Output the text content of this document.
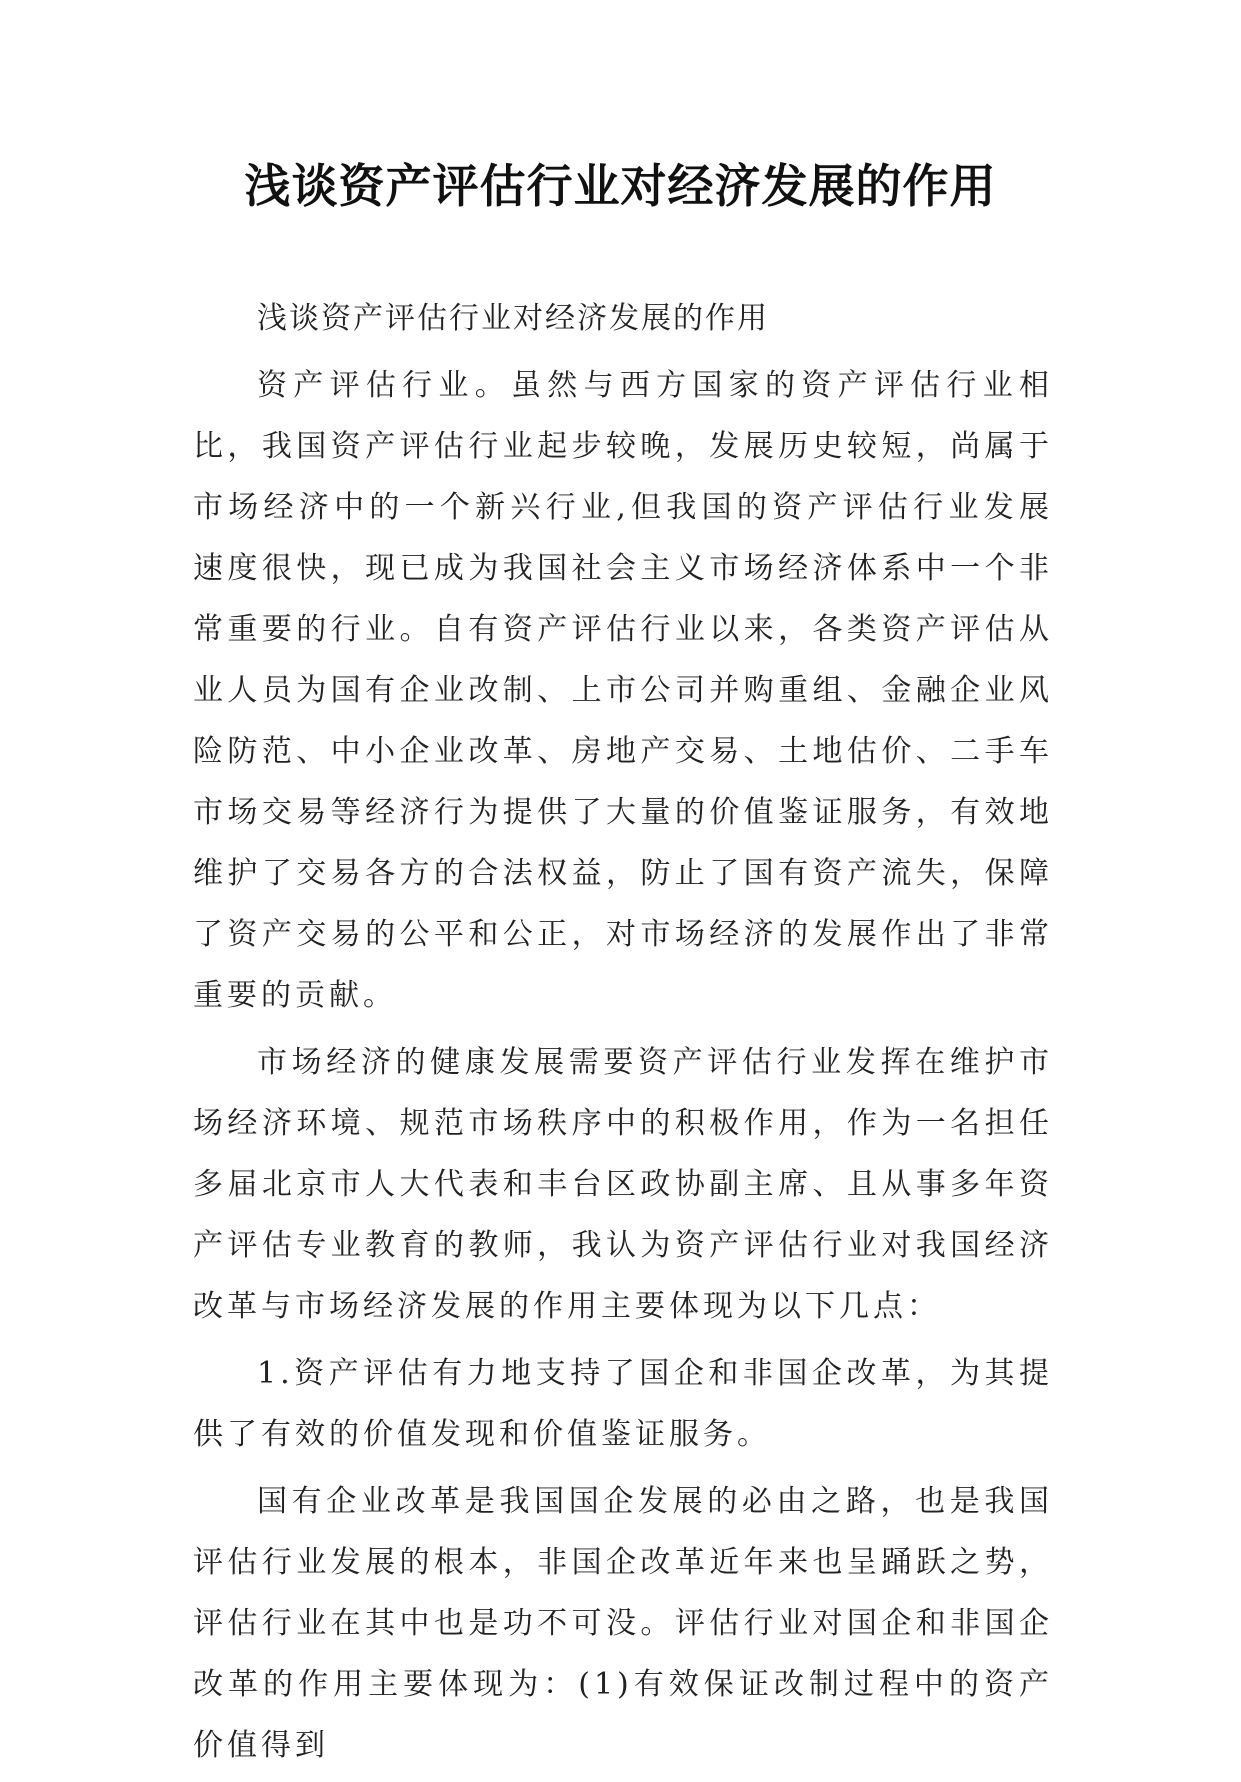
浅谈资产评估行业对经济发展的作用

浅谈资产评估行业对经济发展的作用

资产评估行业。虽然与西方国家的资产评估行业相比，我国资产评估行业起步较晚，发展历史较短，尚属于市场经济中的一个新兴行业,但我国的资产评估行业发展速度很快，现已成为我国社会主义市场经济体系中一个非常重要的行业。自有资产评估行业以来，各类资产评估从业人员为国有企业改制、上市公司并购重组、金融企业风险防范、中小企业改革、房地产交易、土地估价、二手车市场交易等经济行为提供了大量的价值鉴证服务，有效地维护了交易各方的合法权益，防止了国有资产流失，保障了资产交易的公平和公正，对市场经济的发展作出了非常重要的贡献。

市场经济的健康发展需要资产评估行业发挥在维护市场经济环境、规范市场秩序中的积极作用，作为一名担任多届北京市人大代表和丰台区政协副主席、且从事多年资产评估专业教育的教师，我认为资产评估行业对我国经济改革与市场经济发展的作用主要体现为以下几点：

1.资产评估有力地支持了国企和非国企改革，为其提供了有效的价值发现和价值鉴证服务。

国有企业改革是我国国企发展的必由之路，也是我国评估行业发展的根本，非国企改革近年来也呈踊跃之势，评估行业在其中也是功不可没。评估行业对国企和非国企改革的作用主要体现为：(1)有效保证改制过程中的资产价值得到
